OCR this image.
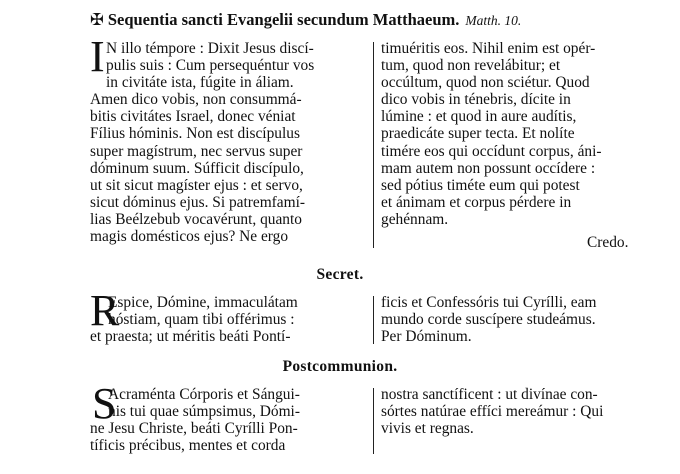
✠ Sequentia sancti Evangelii secundum Matthaeum. Matth. 10.
I N illo témpore : Dixit Jesus discí-
pulis suis : Cum persequéntur vos
in civitáte ista, fúgite in áliam.
Amen dico vobis, non consummá-
bitis civitátes Israel, donec véniat
Fílius hóminis. Non est discípulus
super magístrum, nec servus super
dóminum suum. Súfficit discípulo,
ut sit sicut magíster ejus : et servo,
sicut dóminus ejus. Si patremfamí-
lias Beélzebub vocavérunt, quanto
magis domésticos ejus? Ne ergo
timuéritis eos. Nihil enim est opér-
tum, quod non revelábitur; et
occúltum, quod non sciétur. Quod
dico vobis in ténebris, dícite in
lúmine : et quod in aure audítis,
praedicáte super tecta. Et nolíte
timére eos qui occídunt corpus, áni-
mam autem non possunt occídere :
sed pótius timéte eum qui potest
et ánimam et corpus pérdere in
gehénnam.
Credo.
Secret.
R
Espice, Dómine, immaculátam
hóstiam, quam tibi offérimus :
et praesta; ut méritis beáti Pontí-
ficis et Confessóris tui Cyrílli, eam
mundo corde suscípere studeámus.
Per Dóminum.
Postcommunion.
S
Acraménta Córporis et Sángui-
nis tui quae súmpsimus, Dómi-
ne Jesu Christe, beáti Cyrílli Pon-
tíficis précibus, mentes et corda
nostra sanctíficent : ut divínae con-
sórtes natúrae effíci mereámur : Qui
vivis et regnas.
